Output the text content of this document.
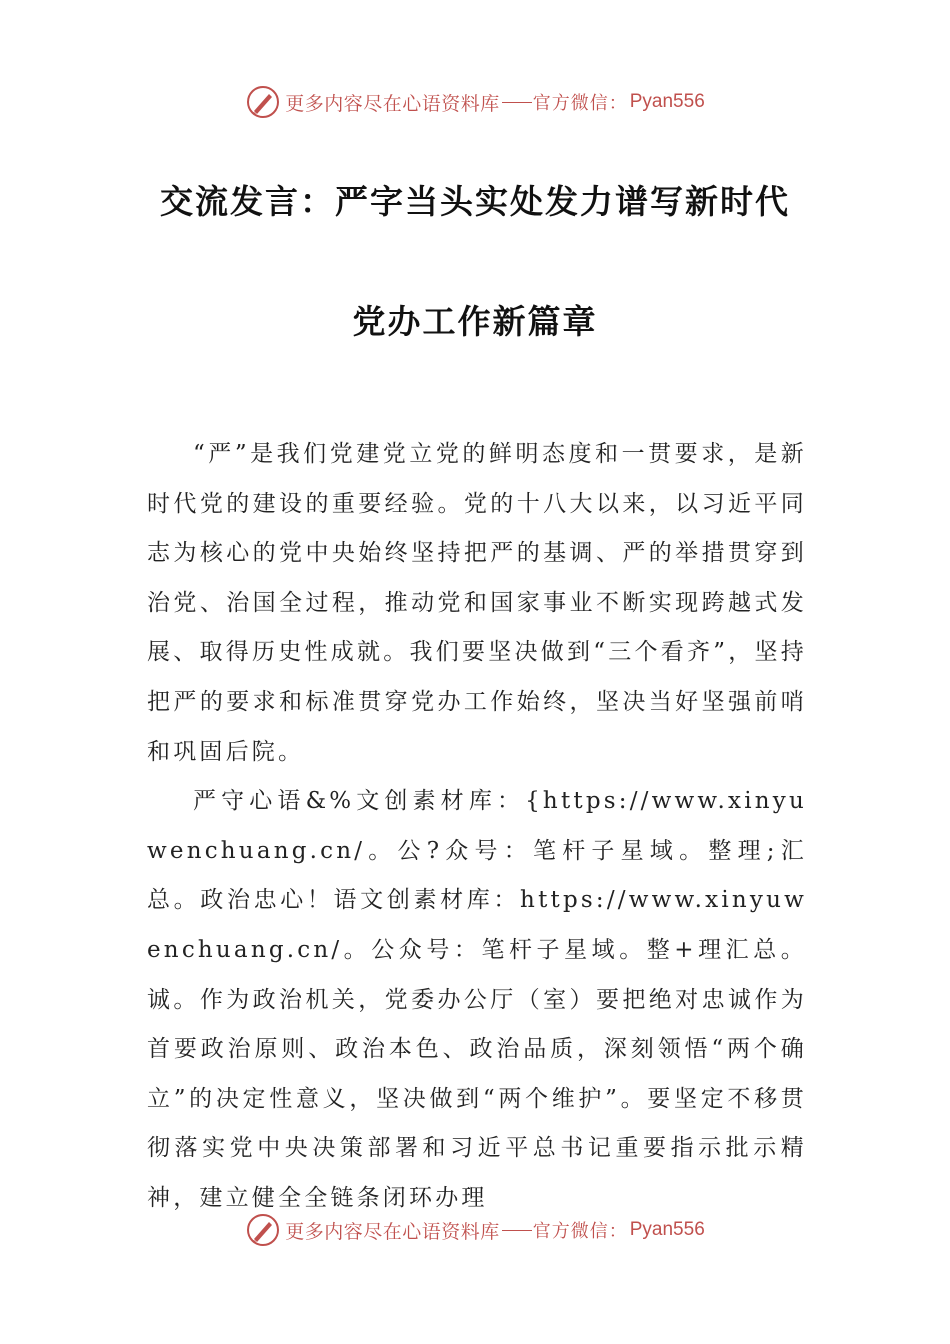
更多内容尽在心语资料库 官方微信： Pyan556
交流发言：严字当头实处发力谱写新时代
党办工作新篇章

“严”是我们党建党立党的鲜明态度和一贯要求，是新时代党的建设的重要经验。党的十八大以来，以习近平同志为核心的党中央始终坚持把严的基调、严的举措贯穿到治党、治国全过程，推动党和国家事业不断实现跨越式发展、取得历史性成就。我们要坚决做到“三个看齐”，坚持把严的要求和标准贯穿党办工作始终，坚决当好坚强前哨和巩固后院。

严守心语&%文创素材库：{https://www.xinyuwenchuang.cn/。公?众号：笔杆子星域。整理;汇总。政治忠心！语文创素材库：https://www.xinyuwenchuang.cn/。公众号：笔杆子星域。整+理汇总。诚。作为政治机关，党委办公厅（室）要把绝对忠诚作为首要政治原则、政治本色、政治品质，深刻领悟“两个确立”的决定性意义，坚决做到“两个维护”。要坚定不移贯彻落实党中央决策部署和习近平总书记重要指示批示精神，建立健全全链条闭环办理

更多内容尽在心语资料库 官方微信： Pyan556
